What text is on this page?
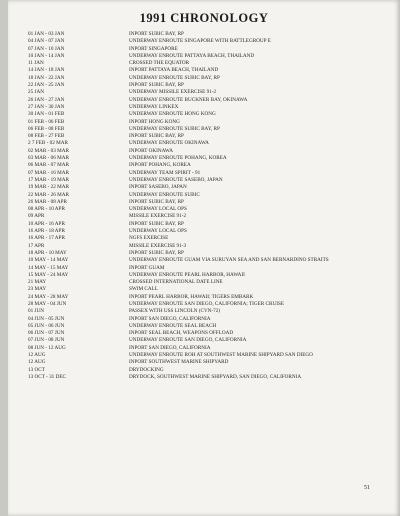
1991 CHRONOLOGY
01 JAN - 03 JAN	INPORT SUBIC BAY, RP
04 JAN - 07 JAN	UNDERWAY ENROUTE SINGAPORE WITH BATTLEGROUP E
07 JAN - 10 JAN	INPORT SINGAPORE
10 JAN - 14 JAN	UNDERWAY ENROUTE PATTAYA BEACH, THAILAND
11 JAN	CROSSED THE EQUATOR
14 JAN - 18 JAN	INPORT PATTAYA BEACH, THAILAND
18 JAN - 22 JAN	UNDERWAY ENROUTE SUBIC BAY, RP
22 JAN - 25 JAN	INPORT SUBIC BAY, RP
25 JAN	UNDERWAY MISSILE EXERCISE 91-2
26 JAN - 27 JAN	UNDERWAY ENROUTE BUCKNER BAY, OKINAWA
27 JAN - 30 JAN	UNDERWAY LINKEX
30 JAN - 01 FEB	UNDERWAY ENROUTE HONG KONG
01 FEB - 06 FEB	INPORT HONG KONG
06 FEB - 08 FEB	UNDERWAY ENROUTE SUBIC BAY, RP
08 FEB - 27 FEB	INPORT SUBIC BAY, RP
2 7 FEB - 02 MAR	UNDERWAY ENROUTE OKINAWA
02 MAR - 03 MAR	INPORT OKINAWA
03 MAR - 06 MAR	UNDERWAY ENROUTE POHANG, KOREA
06 MAR - 07 MAR	INPORT POHANG, KOREA
07 MAR - 16 MAR	UNDERWAY TEAM SPIRIT - 91
17 MAR - 19 MAR	UNDERWAY ENROUTE SASEBO, JAPAN
19 MAR - 22 MAR	INPORT SASEBO, JAPAN
22 MAR - 26 MAR	UNDERWAY ENROUTE SUBIC
26 MAR - 08 APR	INPORT SUBIC BAY, RP
08 APR - 10 APR	UNDERWAY LOCAL OPS
09 APR	MISSILE EXERCISE 91-2
10 APR - 16 APR	INPORT SUBIC BAY, RP
16 APR - 18 APR	UNDERWAY LOCAL OPS
16 APR - 17 APR	NGFS EXERCISE
17 APR	MISSILE EXERCISE 91-3
18 APR - 10 MAY	INPORT SUBIC BAY, RP
10 MAY - 14 MAY	UNDERWAY ENROUTE GUAM VIA SURUYAN SEA AND SAN BERNARDINO STRAITS
14 MAY - 15 MAY	INPORT GUAM
15 MAY - 24 MAY	UNDERWAY ENROUTE PEARL HARBOR, HAWAII
21 MAY	CROSSED INTERNATIONAL DATE LINE
23 MAY	SWIM CALL
24 MAY - 28 MAY	INPORT PEARL HARBOR, HAWAII; TIGERS EMBARK
28 MAY - 04 JUN	UNDERWAY ENROUTE SAN DIEGO, CALIFORNIA; TIGER CRUISE
01 JUN	PASSEX WITH USS LINCOLN (CVN-72)
04 JUN - 05 JUN	INPORT SAN DIEGO, CALIFORNIA
05 JUN - 06 JUN	UNDERWAY ENROUTE SEAL BEACH
06 JUN - 07 JUN	INPORT SEAL BEACH, WEAPONS OFFLOAD
07 JUN - 08 JUN	UNDERWAY ENROUTE SAN DIEGO, CALIFORNIA
08 JUN - 12 AUG	INPORT SAN DIEGO, CALIFORNIA
12 AUG	UNDERWAY ENROUTE ROH AT SOUTHWEST MARINE SHIPYARD SAN DIEGO
12 AUG	INPORT SOUTHWEST MARINE SHIPYARD
13 OCT	DRYDOCKING
13 OCT - 31 DEC	DRYDOCK, SOUTHWEST MARINE SHIPYARD, SAN DIEGO, CALIFORNIA
51
